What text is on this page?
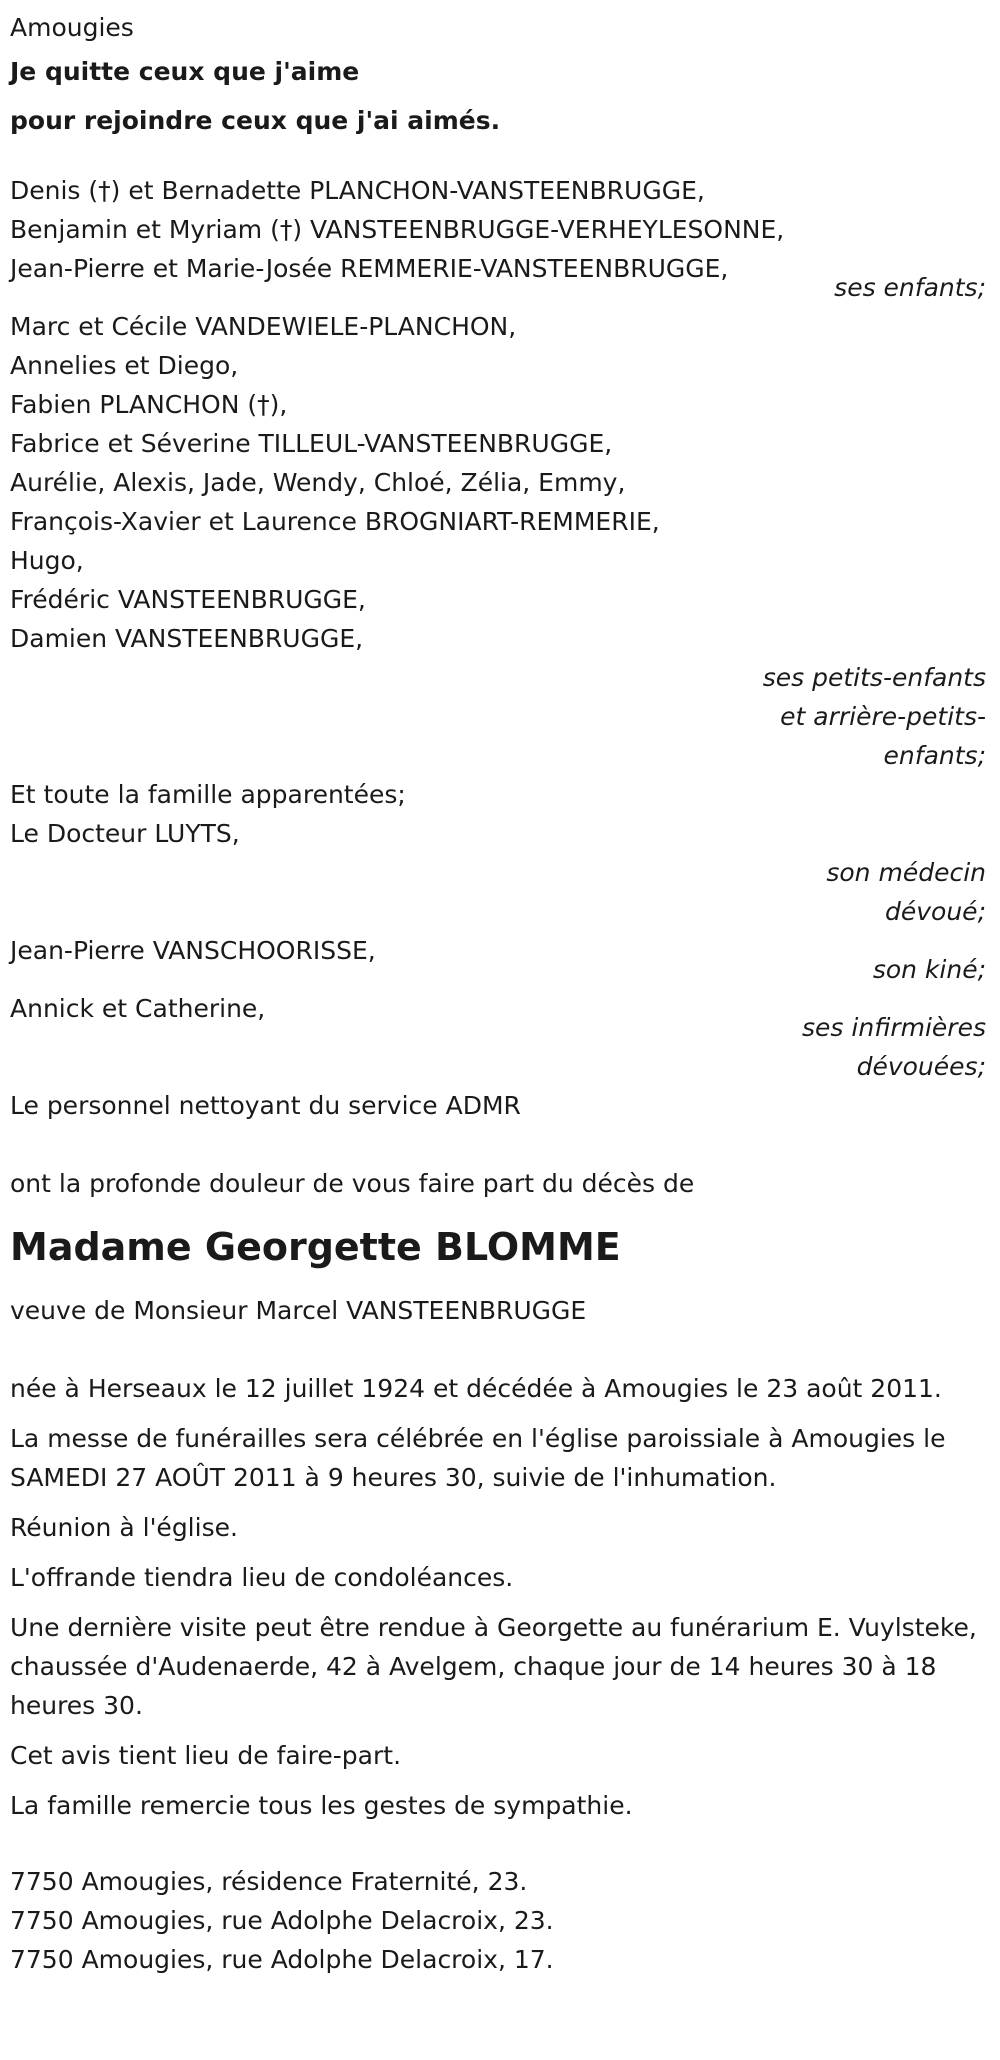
Amougies
Je quitte ceux que j'aime
pour rejoindre ceux que j'ai aimés.
Denis (†) et Bernadette PLANCHON-VANSTEENBRUGGE,
Benjamin et Myriam (†) VANSTEENBRUGGE-VERHEYLESONNE,
Jean-Pierre et Marie-Josée REMMERIE-VANSTEENBRUGGE,
ses enfants;
Marc et Cécile VANDEWIELE-PLANCHON,
Annelies et Diego,
Fabien PLANCHON (†),
Fabrice et Séverine TILLEUL-VANSTEENBRUGGE,
Aurélie, Alexis, Jade, Wendy, Chloé, Zélia, Emmy,
François-Xavier et Laurence BROGNIART-REMMERIE,
Hugo,
Frédéric VANSTEENBRUGGE,
Damien VANSTEENBRUGGE,
ses petits-enfants
et arrière-petits-
enfants;
Et toute la famille apparentées;
Le Docteur LUYTS,
son médecin
dévoué;
Jean-Pierre VANSCHOORISSE,
son kiné;
Annick et Catherine,
ses infirmières
dévouées;
Le personnel nettoyant du service ADMR
ont la profonde douleur de vous faire part du décès de
Madame Georgette BLOMME
veuve de Monsieur Marcel VANSTEENBRUGGE
née à Herseaux le 12 juillet 1924 et décédée à Amougies le 23 août 2011.
La messe de funérailles sera célébrée en l'église paroissiale à Amougies le SAMEDI 27 AOÛT 2011 à 9 heures 30, suivie de l'inhumation.
Réunion à l'église.
L'offrande tiendra lieu de condoléances.
Une dernière visite peut être rendue à Georgette au funérarium E. Vuylsteke, chaussée d'Audenaerde, 42 à Avelgem, chaque jour de 14 heures 30 à 18 heures 30.
Cet avis tient lieu de faire-part.
La famille remercie tous les gestes de sympathie.
7750 Amougies, résidence Fraternité, 23.
7750 Amougies, rue Adolphe Delacroix, 23.
7750 Amougies, rue Adolphe Delacroix, 17.
